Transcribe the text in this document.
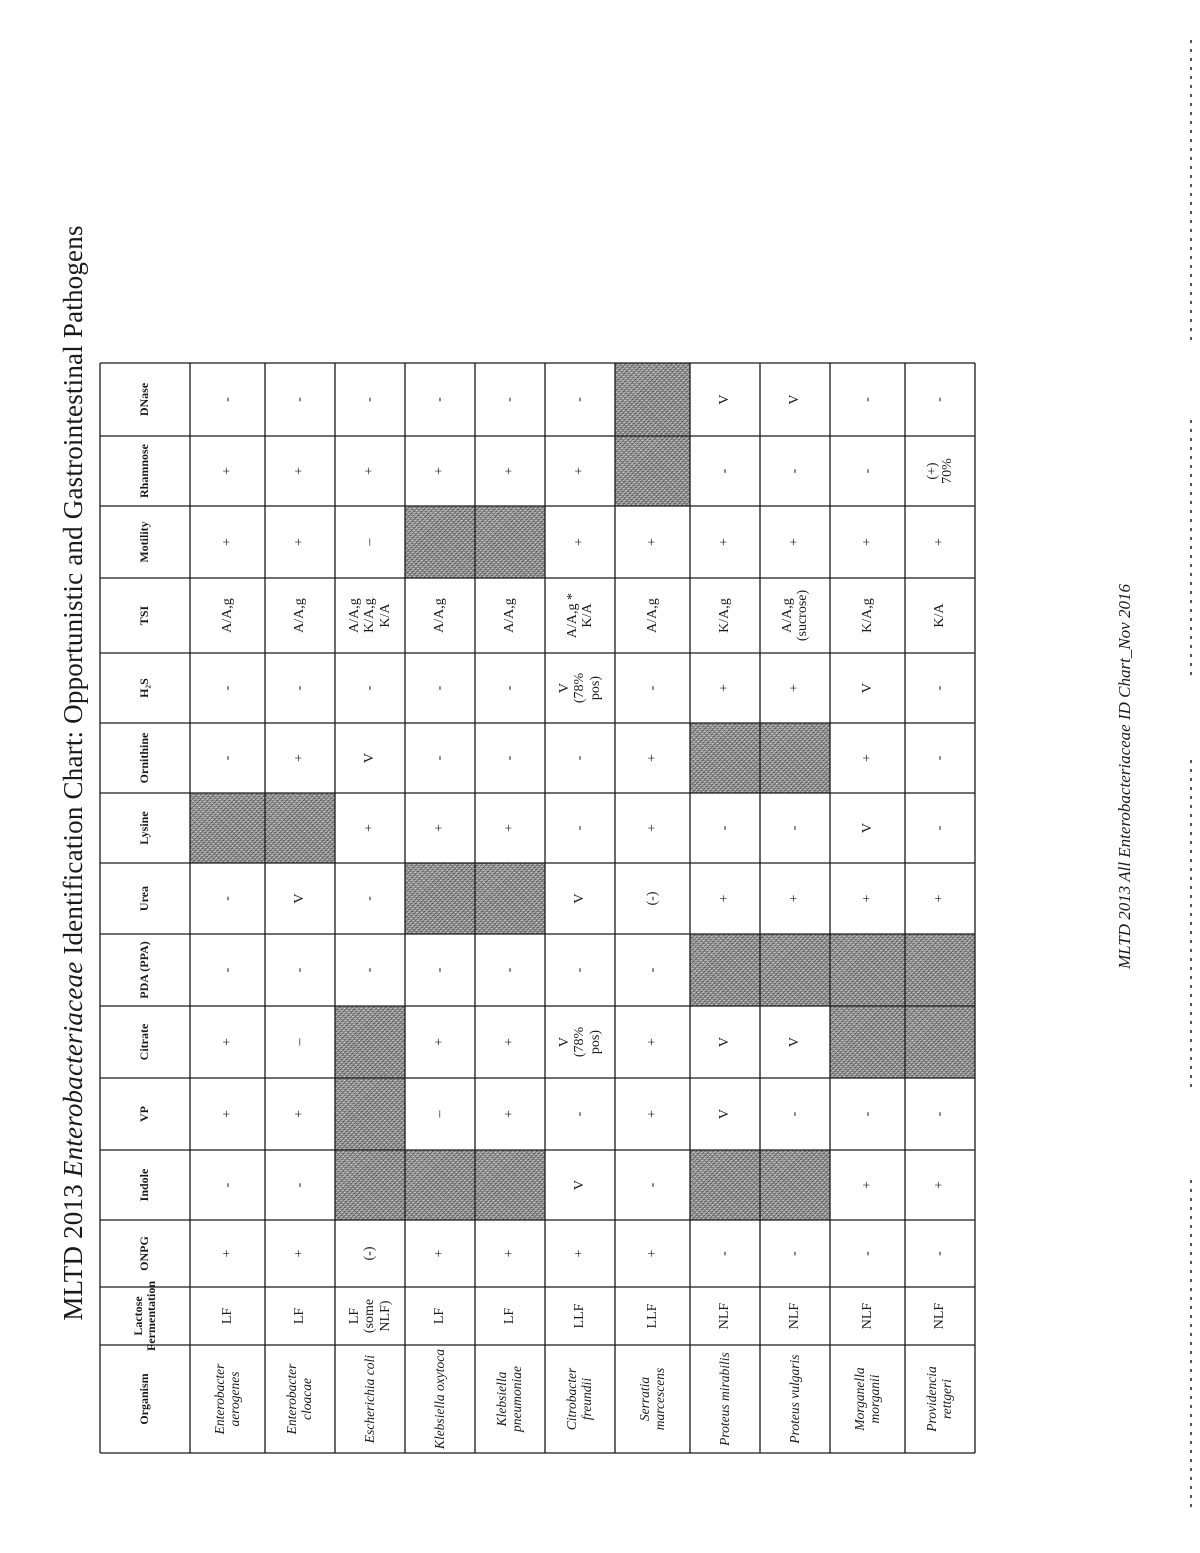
MLTD 2013 Enterobacteriaceae Identification Chart: Opportunistic and Gastrointestinal Pathogens
Organism
Lactose Fermentation
ONPG
Indole
VP
Citrate
PDA (PPA)
Urea
Lysine
Ornithine
H₂S
TSI
Motility
Rhamnose
DNase
Enterobacter aerogenes
LF
+
-
+
+
-
-
-
-
A/A,g
+
+
-
Enterobacter cloacae
LF
+
-
+
–
-
V
+
-
A/A,g
+
+
-
Escherichia coli
LF
(some NLF)
(-)
-
-
+
V
-
A/A,g
K/A,g
K/A
–
+
-
Klebsiella oxytoca
LF
+
–
+
-
+
-
-
A/A,g
+
-
Klebsiella pneumoniae
LF
+
+
+
-
+
-
-
A/A,g
+
-
Citrobacter freundii
LLF
+
V
-
V
(78%
pos)
-
V
-
-
V
(78%
pos)
A/A,g *
K/A
+
+
-
Serratia marcescens
LLF
+
-
+
+
-
(-)
+
+
-
A/A,g
+
Proteus mirabilis
NLF
-
V
V
+
-
+
K/A,g
+
-
V
Proteus vulgaris
NLF
-
-
V
+
-
+
A/A,g
(sucrose)
+
-
V
Morganella morganii
NLF
-
+
-
+
V
+
V
K/A,g
+
-
-
Providencia rettgeri
NLF
-
+
-
+
-
-
-
K/A
+
(+)
70%
-
MLTD 2013 All Enterobacteriaceae ID Chart_Nov 2016
